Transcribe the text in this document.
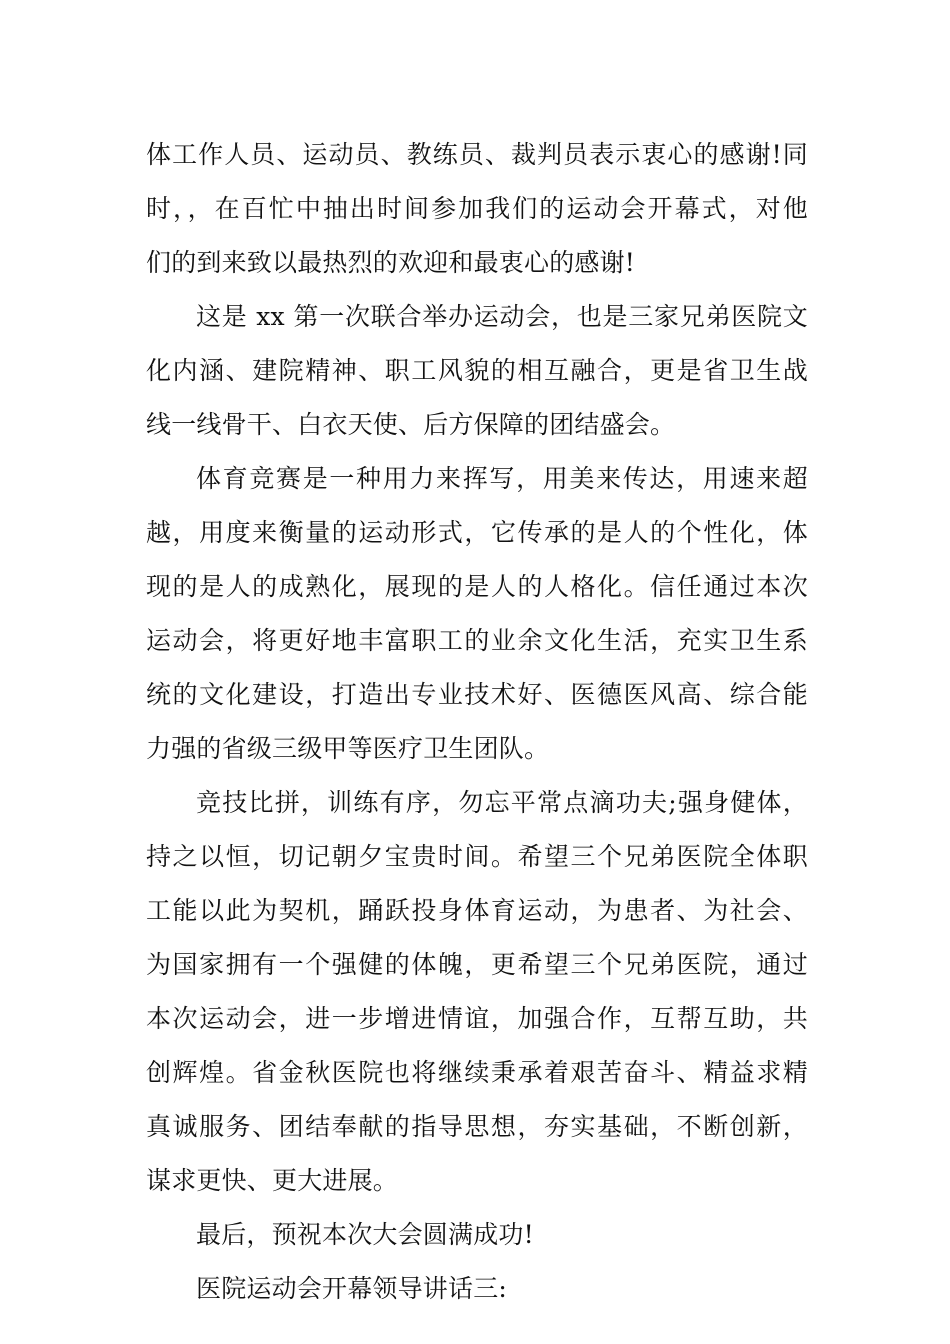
体工作人员、运动员、教练员、裁判员表示衷心的感谢!同
时，，在百忙中抽出时间参加我们的运动会开幕式，对他
们的到来致以最热烈的欢迎和最衷心的感谢!
这是 xx 第一次联合举办运动会，也是三家兄弟医院文
化内涵、建院精神、职工风貌的相互融合，更是省卫生战
线一线骨干、白衣天使、后方保障的团结盛会。
体育竞赛是一种用力来挥写，用美来传达，用速来超
越，用度来衡量的运动形式，它传承的是人的个性化，体
现的是人的成熟化，展现的是人的人格化。信任通过本次
运动会，将更好地丰富职工的业余文化生活，充实卫生系
统的文化建设，打造出专业技术好、医德医风高、综合能
力强的省级三级甲等医疗卫生团队。
竞技比拼，训练有序，勿忘平常点滴功夫;强身健体，
持之以恒，切记朝夕宝贵时间。希望三个兄弟医院全体职
工能以此为契机，踊跃投身体育运动，为患者、为社会、
为国家拥有一个强健的体魄，更希望三个兄弟医院，通过
本次运动会，进一步增进情谊，加强合作，互帮互助，共
创辉煌。省金秋医院也将继续秉承着艰苦奋斗、精益求精
真诚服务、团结奉献的指导思想，夯实基础，不断创新，
谋求更快、更大进展。
最后，预祝本次大会圆满成功!
医院运动会开幕领导讲话三:
